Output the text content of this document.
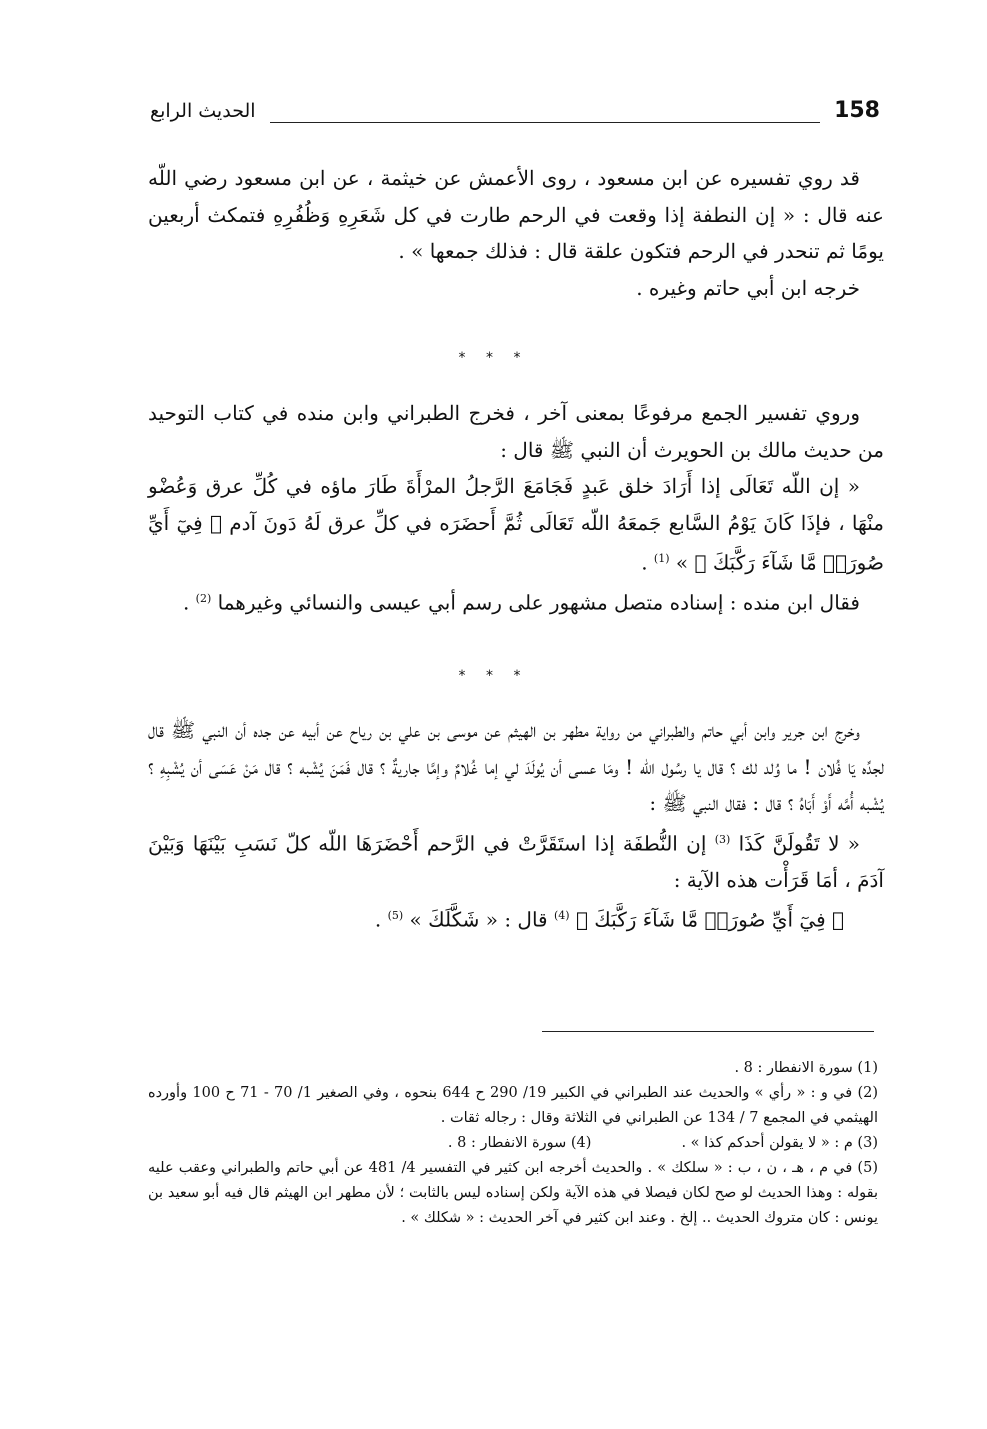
الحديث الرابع	158

قد روي تفسيره عن ابن مسعود ، روى الأعمش عن خيثمة ، عن ابن مسعود رضي اللّه عنه قال : « إن النطفة إذا وقعت في الرحم طارت في كل شَعَرِهِ وَظُفُرِهِ فتمكث أربعين يومًا ثم تنحدر في الرحم فتكون علقة قال : فذلك جمعها » .

خرجه ابن أبي حاتم وغيره .

* * *

وروي تفسير الجمع مرفوعًا بمعنى آخر ، فخرج الطبراني وابن منده في كتاب التوحيد من حديث مالك بن الحويرث أن النبي ﷺ قال :

« إن اللّه تَعَالَى إذا أَرَادَ خلق عَبدٍ فَجَامَعَ الرَّجلُ المرْأَةَ طَارَ ماؤه في كُلِّ عرق وَعُضْو منْهَا ، فإذَا كَانَ يَوْمُ السَّابع جَمعَهُ اللّه تَعَالَى ثُمَّ أَحضَرَه في كلِّ عرق لَهُ دَونَ آدم ﴿ فِيٓ أَيِّ صُورَةٖ مَّا شَآءَ رَكَّبَكَ ﴾ » $^{(1)}$ .

فقال ابن منده : إسناده متصل مشهور على رسم أبي عيسى والنسائي وغيرهما $^{(2)}$ .

* * *

وخرج ابن جرير وابن أبي حاتم والطبراني من رواية مطهر بن الهيثم عن موسى بن علي بن رياح عن أبيه عن جده أن النبي ﷺ قال لجدِّه يَا فُلان ! ما وُلد لك ؟ قال يا رسُول اللّه ! ومَا عسى أن يُولَدَ لي إما غُلامٌ وإمَّا جاريةٌ ؟ قال فَمَنَ يُشْبه ؟ قال مَنْ عَسَى أن يُشْبِهِ ؟ يُشْبه أُمَّه أَوْ أَبَاهُ ؟ قال : فقال النبي ﷺ :

« لا تَقُولَنَّ كَذَا $^{(3)}$ إن النُّطفَة إذا استَقَرَّتْ في الرَّحم أَحْضَرَهَا اللّه كلّ نَسَبِ بَيْنَهَا وَبَيْنَ آدَمَ ، أمَا قَرَأْت هذه الآية :

﴿ فِيٓ أَيِّ صُورَةٖ مَّا شَآءَ رَكَّبَكَ ﴾ $^{(4)}$ قال : « شَكَّلَكَ » $^{(5)}$ .

(1) سورة الانفطار : 8 .

(2) في و : « رأي » والحديث عند الطبراني في الكبير 19/ 290 ح 644 بنحوه ، وفي الصغير 1/ 70 - 71 ح 100 وأورده الهيثمي في المجمع 7 / 134 عن الطبراني في الثلاثة وقال : رجاله ثقات .

(3) م : « لا يقولن أحدكم كذا » .
(4) سورة الانفطار : 8 .

(5) في م ، هـ ، ن ، ب : « سلكك » . والحديث أخرجه ابن كثير في التفسير 4/ 481 عن أبي حاتم والطبراني وعقب عليه بقوله : وهذا الحديث لو صح لكان فيصلا في هذه الآية ولكن إسناده ليس بالثابت ؛ لأن مطهر ابن الهيثم قال فيه أبو سعيد بن يونس : كان متروك الحديث .. إلخ . وعند ابن كثير في آخر الحديث : « شكلك » .
